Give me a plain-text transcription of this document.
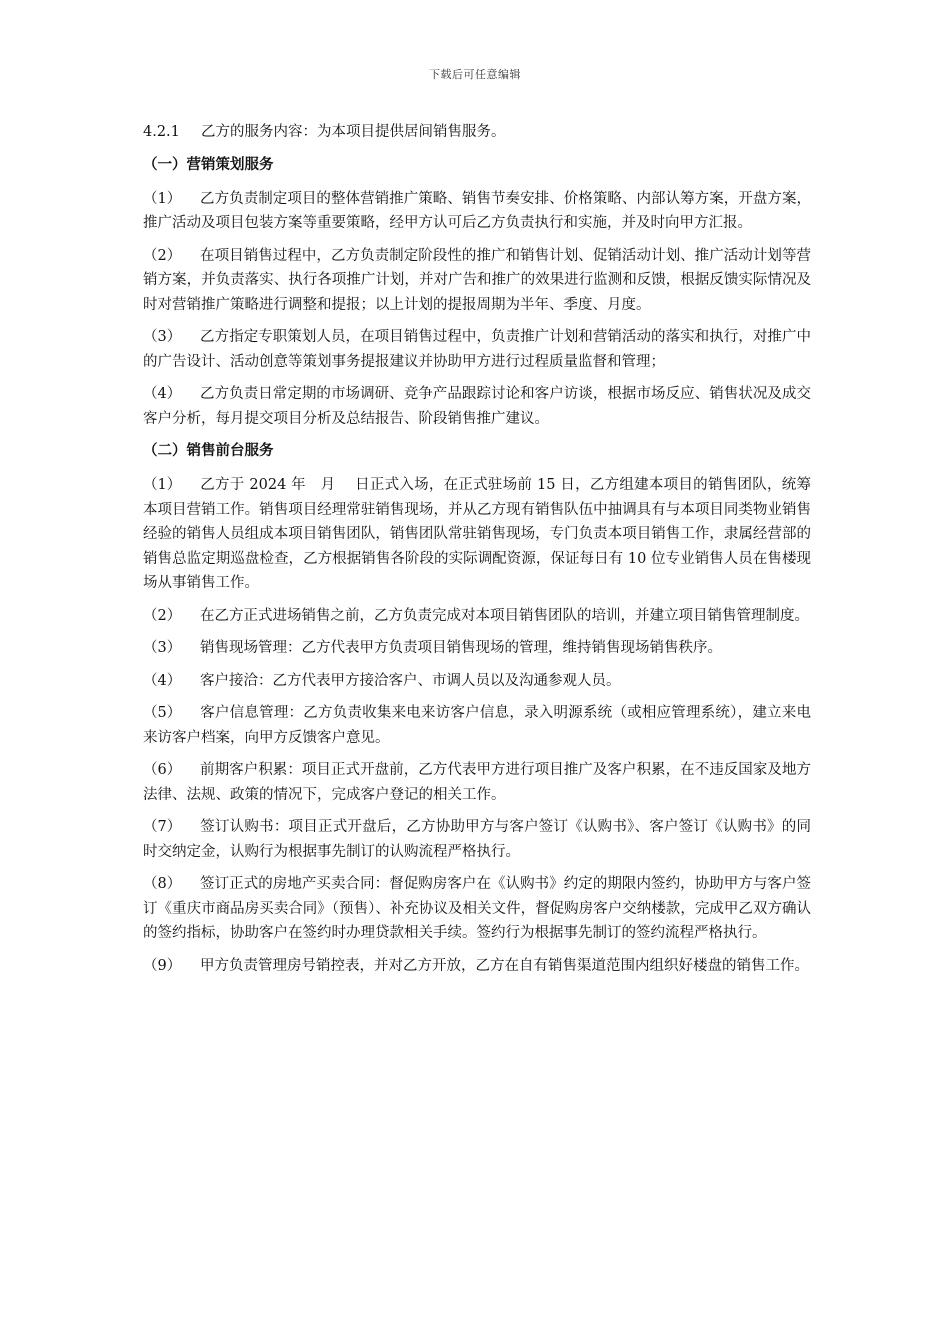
下载后可任意编辑

4.2.1 乙方的服务内容：为本项目提供居间销售服务。

（一）营销策划服务

（1） 乙方负责制定项目的整体营销推广策略、销售节奏安排、价格策略、内部认筹方案，开盘方案，推广活动及项目包装方案等重要策略，经甲方认可后乙方负责执行和实施，并及时向甲方汇报。

（2） 在项目销售过程中，乙方负责制定阶段性的推广和销售计划、促销活动计划、推广活动计划等营销方案，并负责落实、执行各项推广计划，并对广告和推广的效果进行监测和反馈，根据反馈实际情况及时对营销推广策略进行调整和提报；以上计划的提报周期为半年、季度、月度。

（3） 乙方指定专职策划人员，在项目销售过程中，负责推广计划和营销活动的落实和执行，对推广中的广告设计、活动创意等策划事务提报建议并协助甲方进行过程质量监督和管理；

（4） 乙方负责日常定期的市场调研、竞争产品跟踪讨论和客户访谈，根据市场反应、销售状况及成交客户分析，每月提交项目分析及总结报告、阶段销售推广建议。

（二）销售前台服务

（1） 乙方于 2024 年　月　 日正式入场，在正式驻场前 15 日，乙方组建本项目的销售团队，统筹本项目营销工作。销售项目经理常驻销售现场，并从乙方现有销售队伍中抽调具有与本项目同类物业销售经验的销售人员组成本项目销售团队，销售团队常驻销售现场，专门负责本项目销售工作，隶属经营部的销售总监定期巡盘检查，乙方根据销售各阶段的实际调配资源，保证每日有 10 位专业销售人员在售楼现场从事销售工作。

（2） 在乙方正式进场销售之前，乙方负责完成对本项目销售团队的培训，并建立项目销售管理制度。

（3） 销售现场管理：乙方代表甲方负责项目销售现场的管理，维持销售现场销售秩序。

（4） 客户接洽：乙方代表甲方接洽客户、市调人员以及沟通参观人员。

（5） 客户信息管理：乙方负责收集来电来访客户信息，录入明源系统（或相应管理系统），建立来电来访客户档案，向甲方反馈客户意见。

（6） 前期客户积累：项目正式开盘前，乙方代表甲方进行项目推广及客户积累，在不违反国家及地方法律、法规、政策的情况下，完成客户登记的相关工作。

（7） 签订认购书：项目正式开盘后，乙方协助甲方与客户签订《认购书》、客户签订《认购书》的同时交纳定金，认购行为根据事先制订的认购流程严格执行。

（8） 签订正式的房地产买卖合同：督促购房客户在《认购书》约定的期限内签约，协助甲方与客户签订《重庆市商品房买卖合同》（预售）、补充协议及相关文件，督促购房客户交纳楼款，完成甲乙双方确认的签约指标，协助客户在签约时办理贷款相关手续。签约行为根据事先制订的签约流程严格执行。

（9） 甲方负责管理房号销控表，并对乙方开放，乙方在自有销售渠道范围内组织好楼盘的销售工作。
